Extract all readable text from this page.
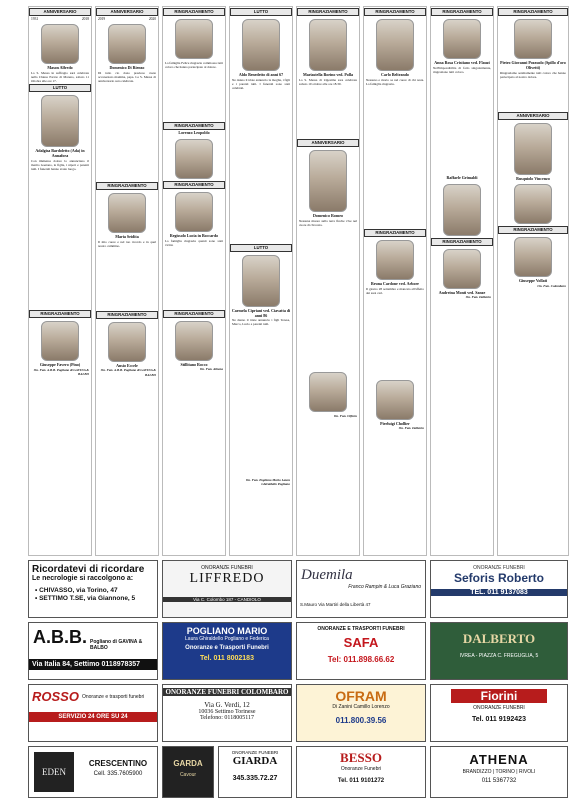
ANNIVERSARIO
1931	2018
Mason Alfredo
La S. Messa in suffragio sarà celebrata nella Chiesa Parr.le di Mareno, sabato 11 Ottobre alle ore 17.
LUTTO
Adalgisa Bardoletto (Ada) in Annafora
Con immensa dolore lo annunciano il marito Gaetano, le figlie, i nipoti e parenti tutti. I funerali hanno avuto luogo.
RINGRAZIAMENTO
Giuseppe Favero (Pino)
On. Fun. A.B.B. Pogliano di GAVINA & BALBO
ANNIVERSARIO
2019	2020
Domenico Di Rienzo
Di tutto cio dono prezioso avete accarezzato mamma, papa. La S. Messa di anniversario sara celebrata.
RINGRAZIAMENTO
Maria Seidita
Il mio cuore e nel tuo ricordo e in quel nostro cammino.
RINGRAZIAMENTO
Ansio Eccele
On. Fun. A.B.B. Pogliano di GAVINA & BALBO
RINGRAZIAMENTO
La famiglia Felice ringrazia commossa tutti coloro che hanno partecipato al dolore.
RINGRAZIAMENTO
Lorenzo Leopoldo
RINGRAZIAMENTO
Regissolo Lucia in Boccardo
La famiglia ringrazia quanti sono stati vicini.
RINGRAZIAMENTO
Stillitano Rocco
On. Fun. Athena
LUTTO
Aldo Benedetto di anni 67
Ne danno il triste annuncio la moglie, i figli e i parenti tutti. I funerali sono stati celebrati.
LUTTO
Carmela Cipriani ved. Ciavatta di anni 86
Ne danno il triste annuncio i figli Teresa, Marco, Lucio e parenti tutti.
On. Fun. Pogliano Mario Laura Ghiraldello Pogliano
RINGRAZIAMENTO
Mariastella Boeino ved. Polla
La S. Messa di trigesima sara celebrata sabato 10 ottobre alle ore 18.30.
ANNIVERSARIO
Domenico Romeo
Nessuna muore sulla terra finche vive nel cuore di chi resta.
On. Fun. Olferm
RINGRAZIAMENTO
Carlo Beltrando
Nessuno e morto se nel cuore di chi resta. La famiglia ringrazia.
RINGRAZIAMENTO
Bruna Cardone ved. Arbore
Il giorno 28 settembre e mancata all'affetto dei suoi cari.
Pierluigi Chollier
On. Fun. Dalberto
RINGRAZIAMENTO
Anna Rosa Cristiano ved. Flauzi
Nell'impossibilita di farlo singolarmente, ringraziano tutti coloro.
Raffaele Grimaldi
RINGRAZIAMENTO
Andreina Monti ved. Sanze
On. Fun. Dalberto
RINGRAZIAMENTO
Pietro Giovanni Pozzuolo (Spillo d'oro Olivetti)
Ringraziamo sentitamente tutti coloro che hanno partecipato al nostro dolore.
ANNIVERSARIO
Busquiolo Vincenzo
RINGRAZIAMENTO
Giuseppe Vollati
On. Fun. Colombaro
Ricordatevi di ricordare
Le necrologie si raccolgono a:
• CHIVASSO, via Torino, 47
• SETTIMO T.SE, via Giannone, 5
ONORANZE FUNEBRI
LIFFREDO
Via C. Colombo 187 - CANDIOLO
Duemila
Franco Rampin & Luca Graziano
S.Mauro Via Martiri della Libertà 47
ONORANZE FUNEBRI
Seforis Roberto
TEL. 011 9137083
A.B.B. Pogliano di GAVINA & BALBO
Via Italia 84, Settimo 0118978357
POGLIANO MARIO
Laura Ghiraldello Pogliano e Federica
Onoranze e Trasporti Funebri
Tel. 011 8002183
ONORANZE E TRASPORTI FUNEBRI
SAFA
Tel: 011.898.66.62
DALBERTO
IVREA - PIAZZA C. FREGUGLIA, 5
ROSSO Onoranze e trasporti funebri
SERVIZIO 24 ORE SU 24
ONORANZE FUNEBRI COLOMBARO
Via G. Verdi, 12
10036 Settimo Torinese
Telefono: 0118005117
OFRAM
Di Zanini Camillo Lorenzo
011.800.39.56
Fiorini
ONORANZE FUNEBRI
Tel. 011 9192423
EDEN
CRESCENTINO
Cell. 335.7605900
GARDA
Cavour
ONORANZE FUNEBRI
GIARDA
345.335.72.27
BESSO
Onoranze Funebri
Tel. 011 9101272
ATHENA
BRANDIZZO | TORINO | RIVOLI
011 5367732
